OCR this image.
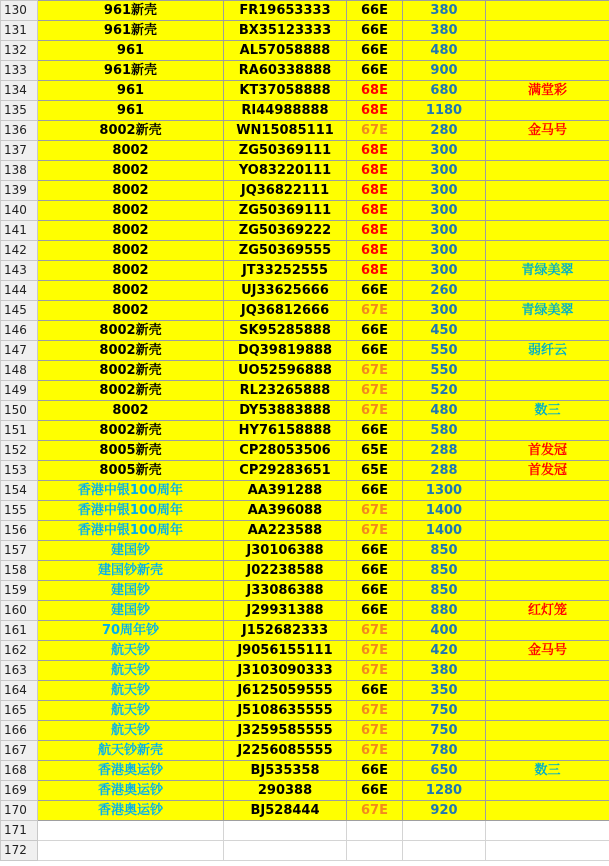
130	961新壳	FR19653333	66E	380	
131	961新壳	BX35123333	66E	380	
132	961	AL57058888	66E	480	
133	961新壳	RA60338888	66E	900	
134	961	KT37058888	68E	680	满堂彩
135	961	RI44988888	68E	1180	
136	8002新壳	WN15085111	67E	280	金马号
137	8002	ZG50369111	68E	300	
138	8002	YO83220111	68E	300	
139	8002	JQ36822111	68E	300	
140	8002	ZG50369111	68E	300	
141	8002	ZG50369222	68E	300	
142	8002	ZG50369555	68E	300	
143	8002	JT33252555	68E	300	青绿美翠
144	8002	UJ33625666	66E	260	
145	8002	JQ36812666	67E	300	青绿美翠
146	8002新壳	SK95285888	66E	450	
147	8002新壳	DQ39819888	66E	550	弱纤云
148	8002新壳	UO52596888	67E	550	
149	8002新壳	RL23265888	67E	520	
150	8002	DY53883888	67E	480	数三
151	8002新壳	HY76158888	66E	580	
152	8005新壳	CP28053506	65E	288	首发冠
153	8005新壳	CP29283651	65E	288	首发冠
154	香港中银100周年	AA391288	66E	1300	
155	香港中银100周年	AA396088	67E	1400	
156	香港中银100周年	AA223588	67E	1400	
157	建国钞	J30106388	66E	850	
158	建国钞新壳	J02238588	66E	850	
159	建国钞	J33086388	66E	850	
160	建国钞	J29931388	66E	880	红灯笼
161	70周年钞	J152682333	67E	400	
162	航天钞	J9056155111	67E	420	金马号
163	航天钞	J3103090333	67E	380	
164	航天钞	J6125059555	66E	350	
165	航天钞	J5108635555	67E	750	
166	航天钞	J3259585555	67E	750	
167	航天钞新壳	J2256085555	67E	780	
168	香港奥运钞	BJ535358	66E	650	数三
169	香港奥运钞	290388	66E	1280	
170	香港奥运钞	BJ528444	67E	920	
171					
172					
